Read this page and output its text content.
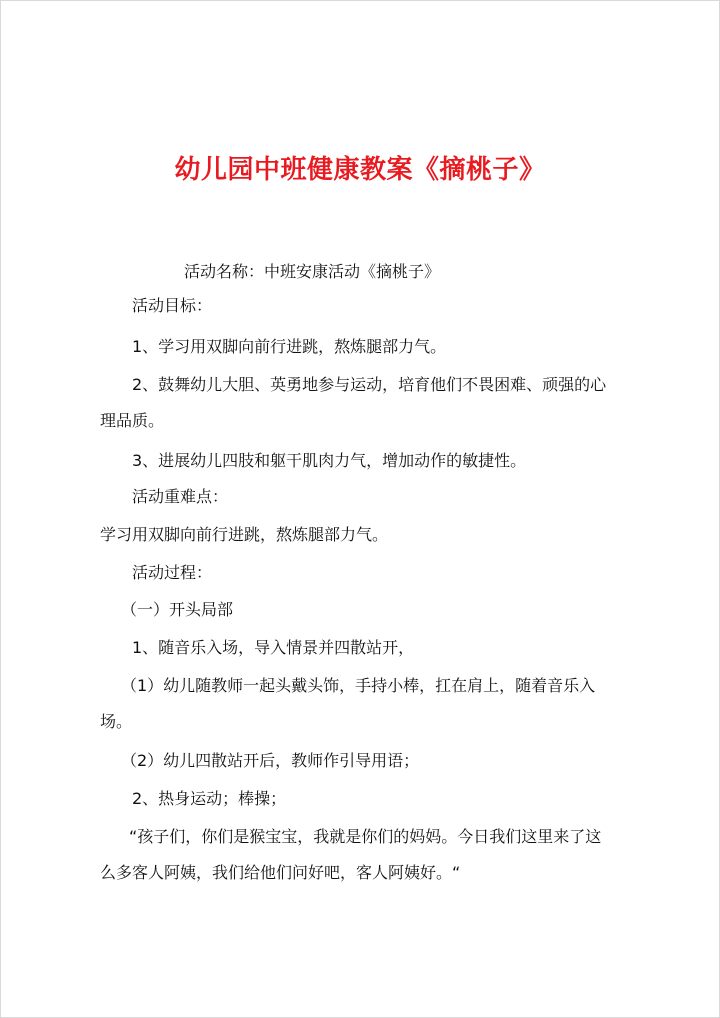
幼儿园中班健康教案《摘桃子》
活动名称：中班安康活动《摘桃子》
活动目标：
1、学习用双脚向前行进跳，熬炼腿部力气。
2、鼓舞幼儿大胆、英勇地参与运动，培育他们不畏困难、顽强的心
理品质。
3、进展幼儿四肢和躯干肌肉力气，增加动作的敏捷性。
活动重难点：
学习用双脚向前行进跳，熬炼腿部力气。
活动过程：
（一）开头局部
1、随音乐入场，导入情景并四散站开，
（1）幼儿随教师一起头戴头饰，手持小棒，扛在肩上，随着音乐入
场。
（2）幼儿四散站开后，教师作引导用语；
2、热身运动；棒操；
“孩子们，你们是猴宝宝，我就是你们的妈妈。今日我们这里来了这
么多客人阿姨，我们给他们问好吧，客人阿姨好。“
